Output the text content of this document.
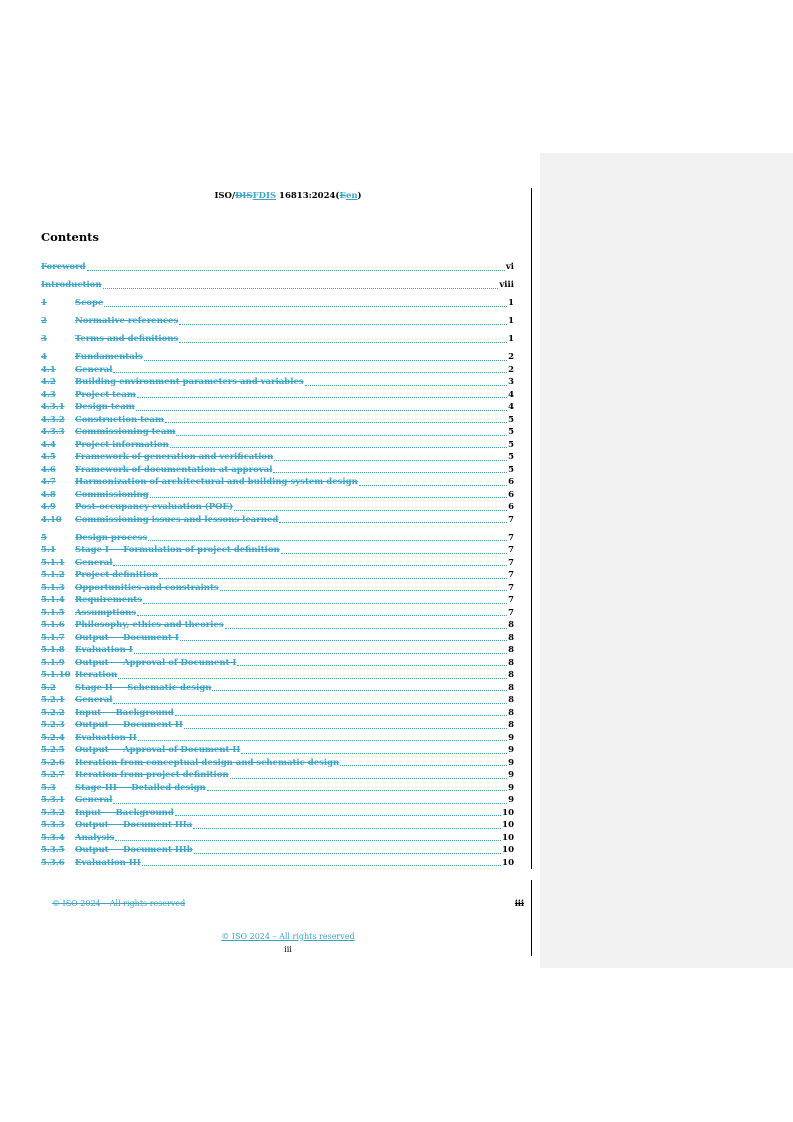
ISO/DISFDIS 16813:2024(Een)
Contents
Foreword	vi
Introduction	viii
1	Scope	1
2	Normative references	1
3	Terms and definitions	1
4	Fundamentals	2
4.1	General	2
4.2	Building environment parameters and variables	3
4.3	Project team	4
4.3.1	Design team	4
4.3.2	Construction team	5
4.3.3	Commissioning team	5
4.4	Project information	5
4.5	Framework of generation and verification	5
4.6	Framework of documentation at approval	5
4.7	Harmonization of architectural and building system design	6
4.8	Commissioning	6
4.9	Post-occupancy evaluation (POE)	6
4.10	Commissioning issues and lessons learned	7
5	Design process	7
5.1	Stage I — Formulation of project definition	7
5.1.1	General	7
5.1.2	Project definition	7
5.1.3	Opportunities and constraints	7
5.1.4	Requirements	7
5.1.5	Assumptions	7
5.1.6	Philosophy, ethics and theories	8
5.1.7	Output — Document I	8
5.1.8	Evaluation I	8
5.1.9	Output — Approval of Document I	8
5.1.10 Iteration	8
5.2	Stage II — Schematic design	8
5.2.1	General	8
5.2.2	Input — Background	8
5.2.3	Output — Document II	8
5.2.4	Evaluation II	9
5.2.5	Output — Approval of Document II	9
5.2.6	Iteration from conceptual design and schematic design	9
5.2.7	Iteration from project definition	9
5.3	Stage III — Detailed design	9
5.3.1	General	9
5.3.2	Input — Background	10
5.3.3	Output — Document IIIa	10
5.3.4	Analysis	10
5.3.5	Output — Document IIIb	10
5.3.6	Evaluation III	10
© ISO 2024 – All rights reserved	iii
© ISO 2024 – All rights reserved
iii
